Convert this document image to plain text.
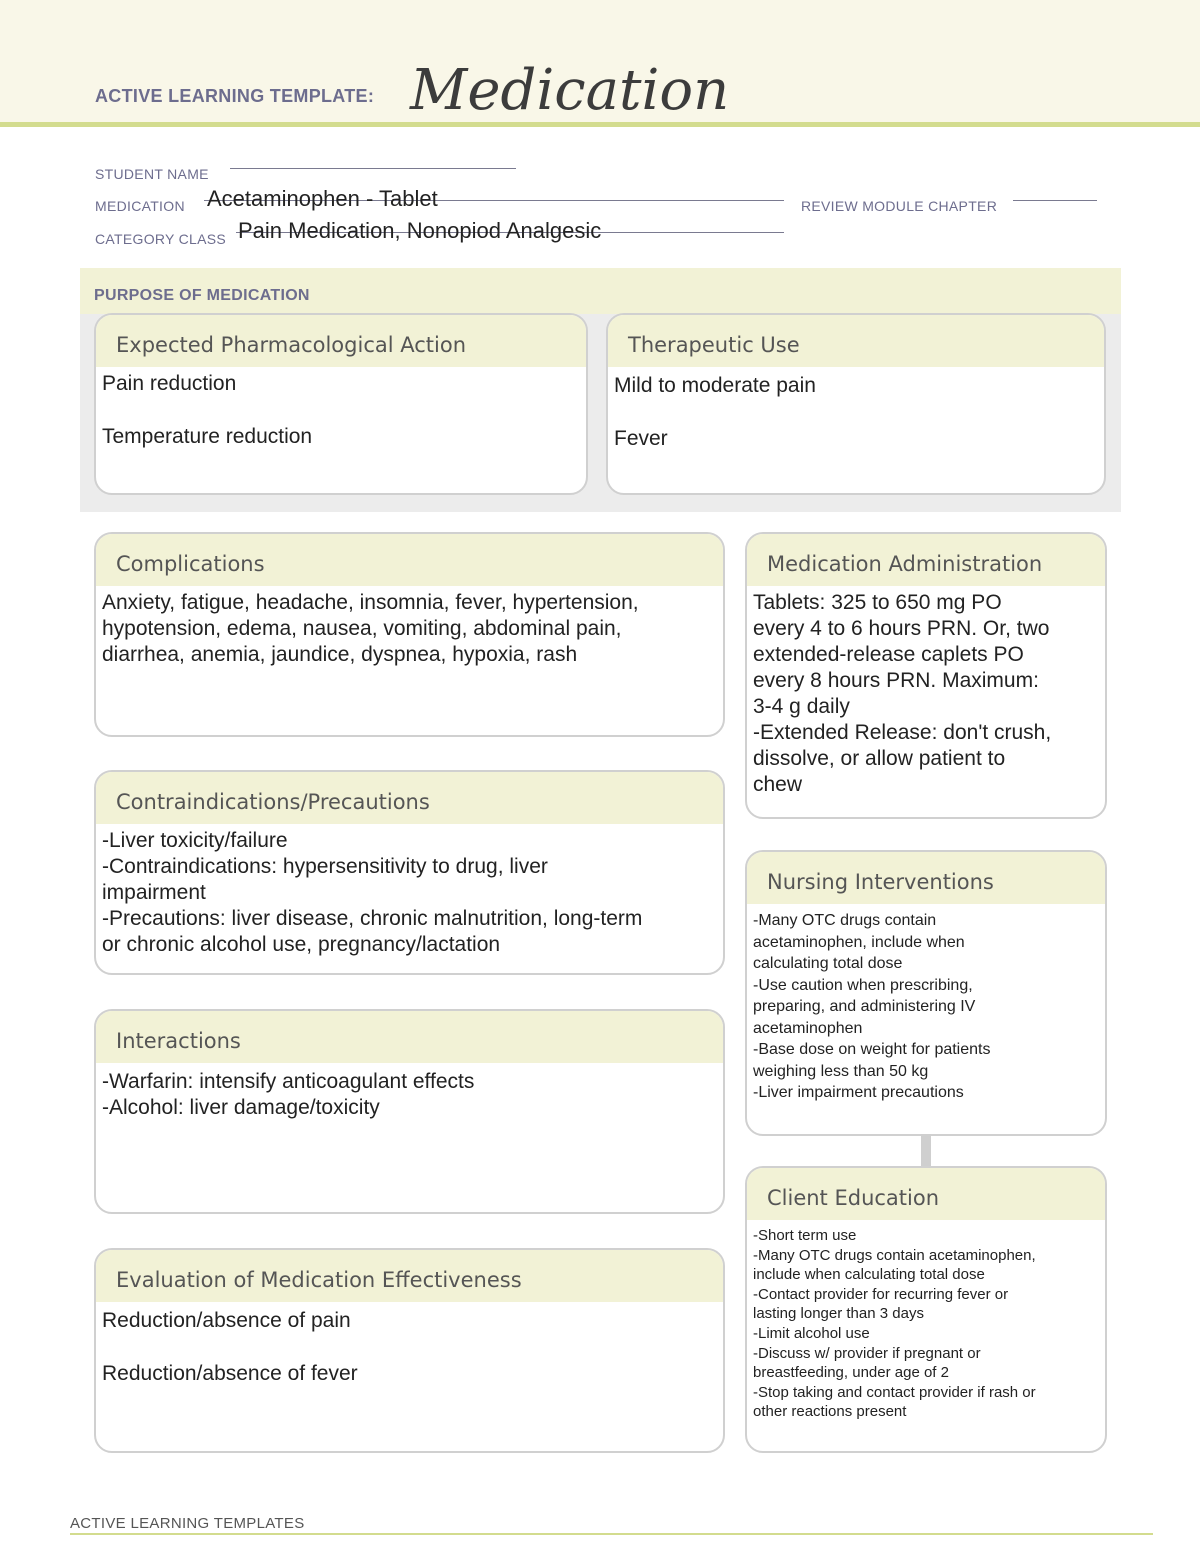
ACTIVE LEARNING TEMPLATE: Medication
STUDENT NAME
MEDICATION Acetaminophen - Tablet	REVIEW MODULE CHAPTER
CATEGORY CLASS Pain Medication, Nonopiod Analgesic
PURPOSE OF MEDICATION
Expected Pharmacological Action
Pain reduction
Temperature reduction
Therapeutic Use
Mild to moderate pain
Fever
Complications
Anxiety, fatigue, headache, insomnia, fever, hypertension,
hypotension, edema, nausea, vomiting, abdominal pain,
diarrhea, anemia, jaundice, dyspnea, hypoxia, rash
Contraindications/Precautions
-Liver toxicity/failure
-Contraindications: hypersensitivity to drug, liver
impairment
-Precautions: liver disease, chronic malnutrition, long-term
or chronic alcohol use, pregnancy/lactation
Interactions
-Warfarin: intensify anticoagulant effects
-Alcohol: liver damage/toxicity
Evaluation of Medication Effectiveness
Reduction/absence of pain
Reduction/absence of fever
Medication Administration
Tablets: 325 to 650 mg PO
every 4 to 6 hours PRN. Or, two
extended-release caplets PO
every 8 hours PRN. Maximum:
3-4 g daily
-Extended Release: don't crush,
dissolve, or allow patient to
chew
Nursing Interventions
-Many OTC drugs contain
acetaminophen, include when
calculating total dose
-Use caution when prescribing,
preparing, and administering IV
acetaminophen
-Base dose on weight for patients
weighing less than 50 kg
-Liver impairment precautions
Client Education
-Short term use
-Many OTC drugs contain acetaminophen,
include when calculating total dose
-Contact provider for recurring fever or
lasting longer than 3 days
-Limit alcohol use
-Discuss w/ provider if pregnant or
breastfeeding, under age of 2
-Stop taking and contact provider if rash or
other reactions present
ACTIVE LEARNING TEMPLATES
